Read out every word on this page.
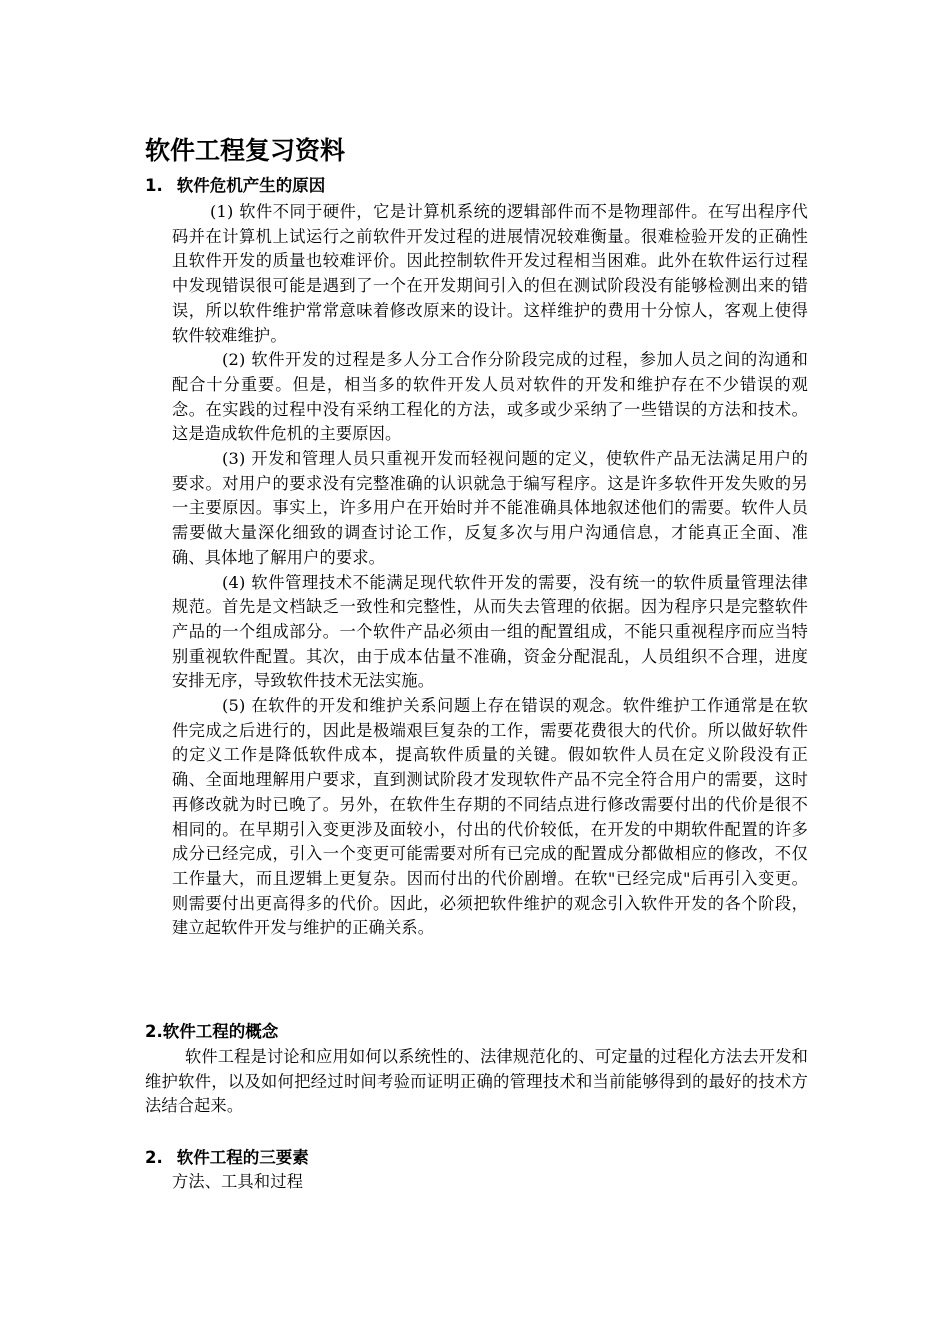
软件工程复习资料
1. 软件危机产生的原因

(1) 软件不同于硬件，它是计算机系统的逻辑部件而不是物理部件。在写出程序代码并在计算机上试运行之前软件开发过程的进展情况较难衡量。很难检验开发的正确性且软件开发的质量也较难评价。因此控制软件开发过程相当困难。此外在软件运行过程中发现错误很可能是遇到了一个在开发期间引入的但在测试阶段没有能够检测出来的错误，所以软件维护常常意味着修改原来的设计。这样维护的费用十分惊人，客观上使得软件较难维护。

(2) 软件开发的过程是多人分工合作分阶段完成的过程，参加人员之间的沟通和配合十分重要。但是，相当多的软件开发人员对软件的开发和维护存在不少错误的观念。在实践的过程中没有采纳工程化的方法，或多或少采纳了一些错误的方法和技术。这是造成软件危机的主要原因。

(3) 开发和管理人员只重视开发而轻视问题的定义，使软件产品无法满足用户的要求。对用户的要求没有完整准确的认识就急于编写程序。这是许多软件开发失败的另一主要原因。事实上，许多用户在开始时并不能准确具体地叙述他们的需要。软件人员需要做大量深化细致的调查讨论工作，反复多次与用户沟通信息，才能真正全面、准确、具体地了解用户的要求。

(4) 软件管理技术不能满足现代软件开发的需要，没有统一的软件质量管理法律规范。首先是文档缺乏一致性和完整性，从而失去管理的依据。因为程序只是完整软件产品的一个组成部分。一个软件产品必须由一组的配置组成，不能只重视程序而应当特别重视软件配置。其次，由于成本估量不准确，资金分配混乱，人员组织不合理，进度安排无序，导致软件技术无法实施。

(5) 在软件的开发和维护关系问题上存在错误的观念。软件维护工作通常是在软件完成之后进行的，因此是极端艰巨复杂的工作，需要花费很大的代价。所以做好软件的定义工作是降低软件成本，提高软件质量的关键。假如软件人员在定义阶段没有正确、全面地理解用户要求，直到测试阶段才发现软件产品不完全符合用户的需要，这时再修改就为时已晚了。另外，在软件生存期的不同结点进行修改需要付出的代价是很不相同的。在早期引入变更涉及面较小，付出的代价较低，在开发的中期软件配置的许多成分已经完成，引入一个变更可能需要对所有已完成的配置成分都做相应的修改，不仅工作量大，而且逻辑上更复杂。因而付出的代价剧增。在软"已经完成"后再引入变更。则需要付出更高得多的代价。因此，必须把软件维护的观念引入软件开发的各个阶段，建立起软件开发与维护的正确关系。

2.软件工程的概念

软件工程是讨论和应用如何以系统性的、法律规范化的、可定量的过程化方法去开发和维护软件，以及如何把经过时间考验而证明正确的管理技术和当前能够得到的最好的技术方法结合起来。

2. 软件工程的三要素

方法、工具和过程
